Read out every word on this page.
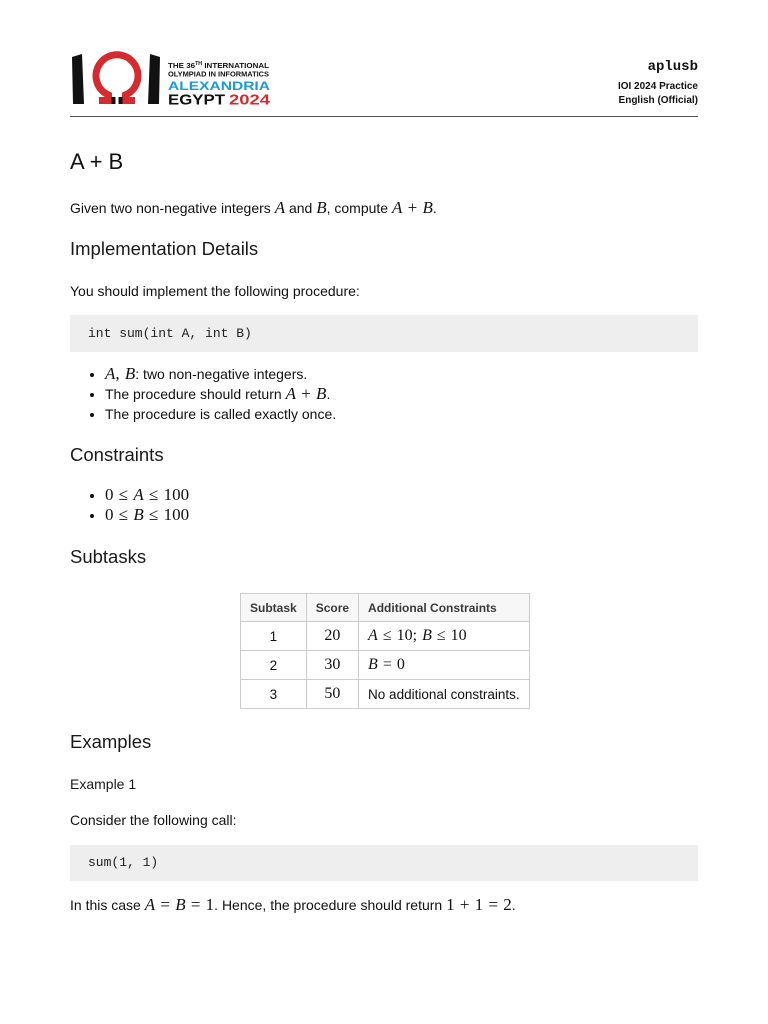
THE 36TH INTERNATIONAL
OLYMPIAD IN INFORMATICS
ALEXANDRIA
EGYPT 2024
aplusb
IOI 2024 Practice
English (Official)
A + B
Given two non-negative integers A and B, compute A + B.
Implementation Details
You should implement the following procedure:
int sum(int A, int B)
• A, B: two non-negative integers.
• The procedure should return A + B.
• The procedure is called exactly once.
Constraints
• 0 ≤ A ≤ 100
• 0 ≤ B ≤ 100
Subtasks
Subtask	Score	Additional Constraints
1	20	A ≤ 10; B ≤ 10
2	30	B = 0
3	50	No additional constraints.
Examples
Example 1
Consider the following call:
sum(1, 1)
In this case A = B = 1. Hence, the procedure should return 1 + 1 = 2.
